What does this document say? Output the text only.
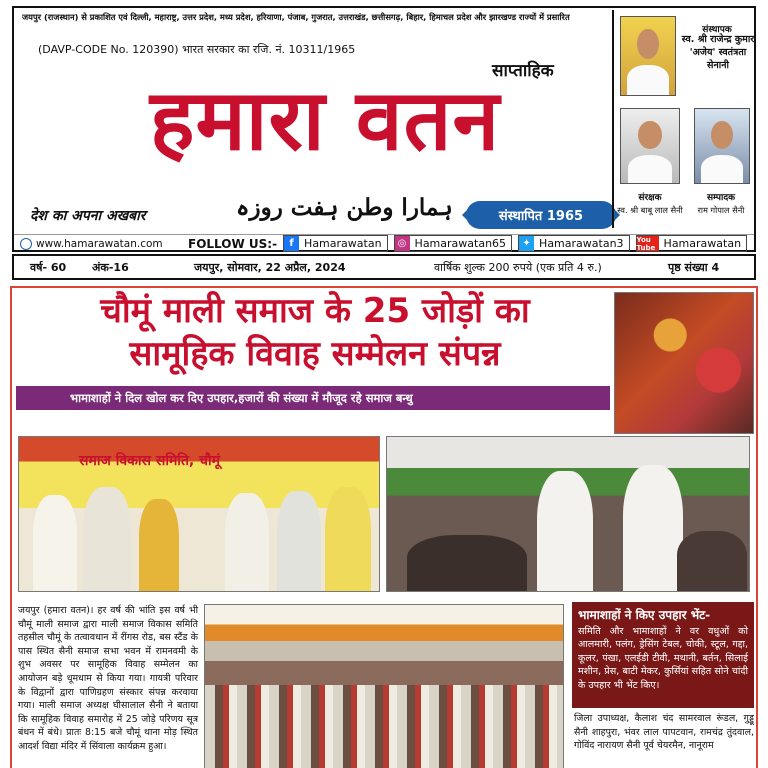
जयपुर (राजस्थान) से प्रकाशित एवं दिल्ली, महाराष्ट्र, उत्तर प्रदेश, मध्य प्रदेश, हरियाणा, पंजाब, गुजरात, उत्तराखंड, छत्तीसगढ़, बिहार, हिमाचल प्रदेश और झारखण्ड राज्यों में प्रसारित
(DAVP-CODE No. 120390) भारत सरकार का रजि. नं. 10311/1965
साप्ताहिक
हमारा वतन
देश का अपना अखबार	ہمارا وطن ہفت روزہ	संस्थापित 1965
संस्थापक
स्व. श्री राजेन्द्र कुमार 'अजेय' स्वतंत्रता सेनानी
संरक्षक	सम्पादक
स्व. श्री बाबू लाल सैनी	राम गोपाल सैनी
www.hamarawatan.com FOLLOW US:-	f Hamarawatan	◎ Hamarawatan65	✦ Hamarawatan3	You Tube Hamarawatan
वर्ष- 60	अंक-16	जयपुर, सोमवार, 22 अप्रैल, 2024	वार्षिक शुल्क 200 रुपये (एक प्रति 4 रु.)	पृष्ठ संख्या 4
चौमूं माली समाज के 25 जोड़ों का
सामूहिक विवाह सम्मेलन संपन्न
भामाशाहों ने दिल खोल कर दिए उपहार,हजारों की संख्या में मौजूद रहे समाज बन्धु
समाज विकास समिति, चौमूं
जयपुर (हमारा वतन)। हर वर्ष की भांति इस वर्ष भी चौमूं माली समाज द्वारा माली समाज विकास समिति तहसील चौमूं के तत्वावधान में रींगस रोड, बस स्टैंड के पास स्थित सैनी समाज सभा भवन में रामनवमी के शुभ अवसर पर सामूहिक विवाह सम्मेलन का आयोजन बड़े धूमधाम से किया गया। गायत्री परिवार के विद्वानों द्वारा पाणिग्रहण संस्कार संपन्न करवाया गया। माली समाज अध्यक्ष घीसालाल सैनी ने बताया कि सामूहिक विवाह समारोह में 25 जोड़े परिणय सूत्र बंधन में बंधे। प्रातः 8:15 बजे चौमूं थाना मोड़ स्थित आदर्श विद्या मंदिर में सिंवाला कार्यक्रम हुआ।
भामाशाहों ने किए उपहार भेंट-
समिति और भामाशाहों ने वर वधुओं को आलमारी, पलंग, ड्रेसिंग टेबल, चोकी, स्टूल, गद्दा, कूलर, पंखा, एलईडी टीवी, मथानी, बर्तन, सिलाई मशीन, प्रेस, बाटी मेकर, कुर्सियां सहित सोने चांदी के उपहार भी भेंट किए।
जिला उपाध्यक्ष, कैलाश चंद सामरवाल रूंडल, गुड्डू सैनी शाहपुरा, भंवर लाल पापटवान, रामचंद्र तुंदवाल, गोविंद नारायण सैनी पूर्व चेयरमैन, नानूराम
